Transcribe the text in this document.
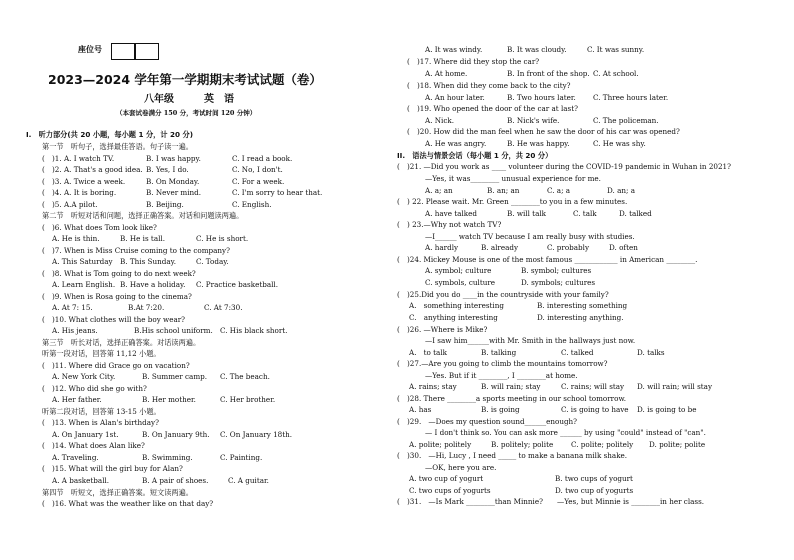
座位号
2023—2024 学年第一学期期末考试试题（卷）
八年级	英　语
（本套试卷满分 150 分，考试时间 120 分钟）
I.　听力部分(共 20 小题，每小题 1 分，计 20 分)
第一节　听句子，选择最佳答语。句子读一遍。
(　)1. A. I watch TV.	B. I was happy.	C. I read a book.
(　)2. A. That's a good idea. B. Yes, I do.	C. No, I don't.
(　)3. A. Twice a week.	B. On Monday.	C. For a week.
(　)4. A. It is boring.	B. Never mind.	C. I'm sorry to hear that.
(　)5. A.A pilot.	B. Beijing.	C. English.
第二节　听短对话和问题，选择正确答案。对话和问题读两遍。
(　)6. What does Tom look like?
A. He is thin.	B. He is tall.	C. He is short.
(　)7. When is Miss Cruise coming to the company?
A. This Saturday B. This Sunday.	C. Today.
(　)8. What is Tom going to do next week?
A. Learn English. B. Have a holiday. C. Practice basketball.
(　)9. When is Rosa going to the cinema?
A. At 7: 15.	B.At 7:20.	C. At 7:30.
(　)10. What clothes will the boy wear?
A. His jeans.	B.His school uniform. C. His black short.
第三节　听长对话，选择正确答案。对话读两遍。
听第一段对话，回答第 11,12 小题。
(　)11. Where did Grace go on vacation?
A. New York City.	B. Summer camp. C. The beach.
(　)12. Who did she go with?
A. Her father.	B. Her mother.	C. Her brother.
听第二段对话，回答第 13-15 小题。
(　)13. When is Alan's birthday?
A. On January 1st.	B. On January 9th. C. On January 18th.
(　)14. What does Alan like?
A. Traveling.	B. Swimming.	C. Painting.
(　)15. What will the girl buy for Alan?
A. A basketball.	B. A pair of shoes.	C. A guitar.
第四节　听短文，选择正确答案。短文读两遍。
(　)16. What was the weather like on that day?
A. It was windy.	B. It was cloudy.	C. It was sunny.
(　)17. Where did they stop the car?
A. At home.	B. In front of the shop. C. At school.
(　)18. When did they come back to the city?
A. An hour later.	B. Two hours later. C. Three hours later.
(　)19. Who opened the door of the car at last?
A. Nick.	B. Nick's wife.	C. The policeman.
(　)20. How did the man feel when he saw the door of his car was opened?
A. He was angry.	B. He was happy.	C. He was shy.
II.　语法与情景会话（每小题 1 分，共 20 分）
(　)21. —Did you work as ____ volunteer during the COVID-19 pandemic in Wuhan in 2021?
—Yes, it was________ unusual experience for me.
A. a; an	B. an; an	C. a; a	D. an; a
(　) 22. Please wait. Mr. Green ________to you in a few minutes.
A. have talked	B. will talk	C. talk	D. talked
(　) 23.—Why not watch TV?
—I______ watch TV because I am really busy with studies.
A. hardly	B. already	C. probably	D. often
(　)24. Mickey Mouse is one of the most famous ____________ in American ________.
A. symbol; culture	B. symbol; cultures
C. symbols, culture	D. symbols; cultures
(　)25.Did you do ____in the countryside with your family?
A.　something interesting	B. interesting something
C.　anything interesting	D. interesting anything.
(　)26. —Where is Mike?
—I saw him______with Mr. Smith in the hallways just now.
A.　to talk	B. talking	C. talked	D. talks
(　)27.—Are you going to climb the mountains tomorrow?
—Yes. But if it ________, I ________at home.
A. rains; stay	B. will rain; stay	C. rains; will stay D. will rain; will stay
(　)28. There ________a sports meeting in our school tomorrow.
A. has	B. is going	C. is going to have D. is going to be
(　)29.　—Does my question sound______enough?
— I don't think so. You can ask more ______ by using "could" instead of "can".
A. polite; politely	B. politely; polite C. polite; politely D. polite; polite
(　)30.　—Hi, Lucy , I need _____ to make a banana milk shake.
—OK, here you are.
A. two cup of yogurt	B. two cups of yogurt
C. two cups of yogurts	D. two cup of yogurts
(　)31.　—Is Mark ________than Minnie? —Yes, but Minnie is ________in her class.
